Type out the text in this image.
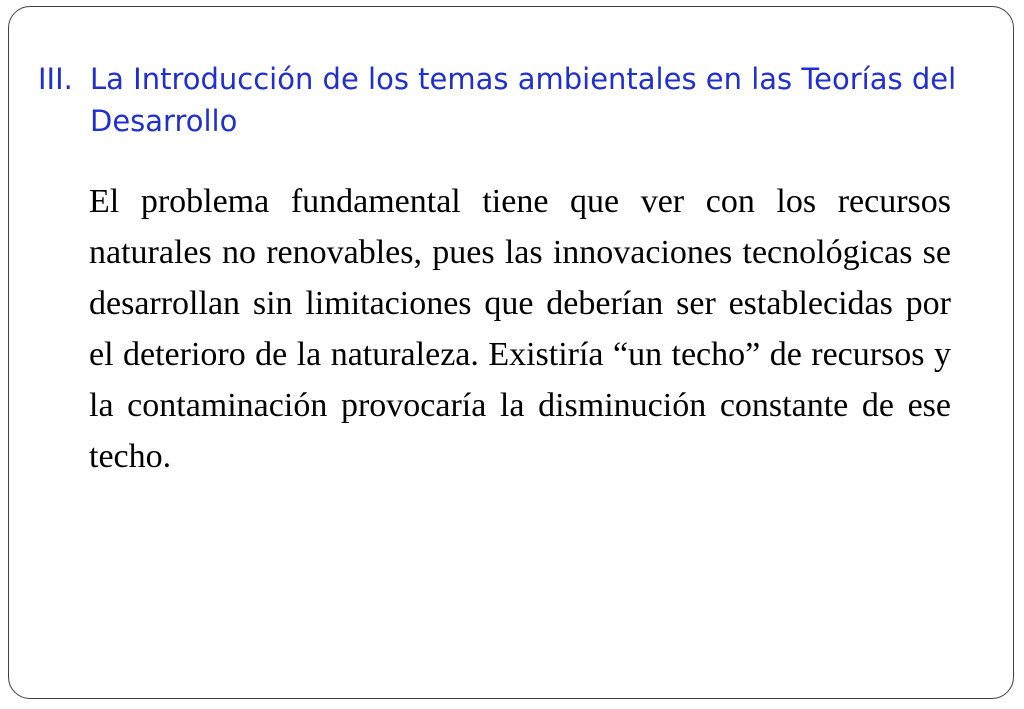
III. La Introducción de los temas ambientales en las Teorías del Desarrollo

El problema fundamental tiene que ver con los recursos naturales no renovables, pues las innovaciones tecnológicas se desarrollan sin limitaciones que deberían ser establecidas por el deterioro de la naturaleza. Existiría “un techo” de recursos y la contaminación provocaría la disminución constante de ese techo.
